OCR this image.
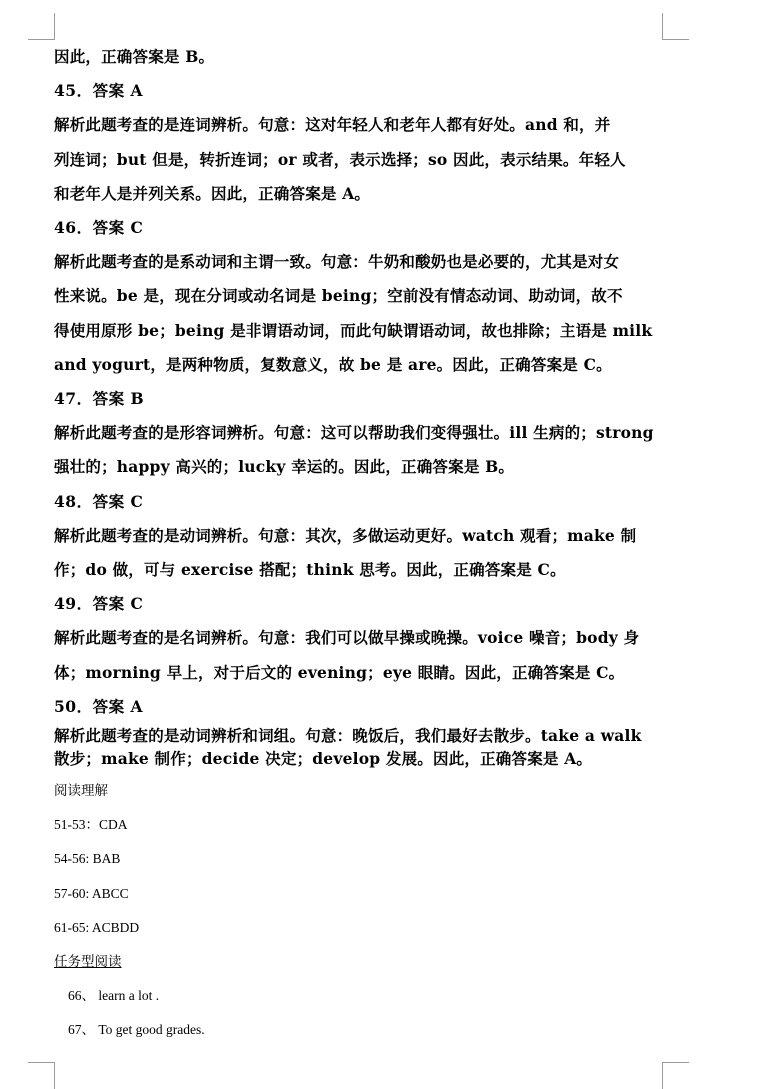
因此，正确答案是 B。
45．答案 A
解析此题考查的是连词辨析。句意：这对年轻人和老年人都有好处。and 和，并
列连词；but 但是，转折连词；or 或者，表示选择；so 因此，表示结果。年轻人
和老年人是并列关系。因此，正确答案是 A。
46．答案 C
解析此题考查的是系动词和主谓一致。句意：牛奶和酸奶也是必要的，尤其是对女
性来说。be 是，现在分词或动名词是 being；空前没有情态动词、助动词，故不
得使用原形 be；being 是非谓语动词，而此句缺谓语动词，故也排除；主语是 milk
and yogurt，是两种物质，复数意义，故 be 是 are。因此，正确答案是 C。
47．答案 B
解析此题考查的是形容词辨析。句意：这可以帮助我们变得强壮。ill 生病的；strong
强壮的；happy 高兴的；lucky 幸运的。因此，正确答案是 B。
48．答案 C
解析此题考查的是动词辨析。句意：其次，多做运动更好。watch 观看；make 制
作；do 做，可与 exercise 搭配；think 思考。因此，正确答案是 C。
49．答案 C
解析此题考查的是名词辨析。句意：我们可以做早操或晚操。voice 噪音；body 身
体；morning 早上，对于后文的 evening；eye 眼睛。因此，正确答案是 C。
50．答案 A
解析此题考查的是动词辨析和词组。句意：晚饭后，我们最好去散步。take a walk
散步；make 制作；decide 决定；develop 发展。因此，正确答案是 A。
阅读理解
51-53：CDA
54-56: BAB
57-60: ABCC
61-65: ACBDD
任务型阅读
66、 learn a lot .
67、 To get good grades.
